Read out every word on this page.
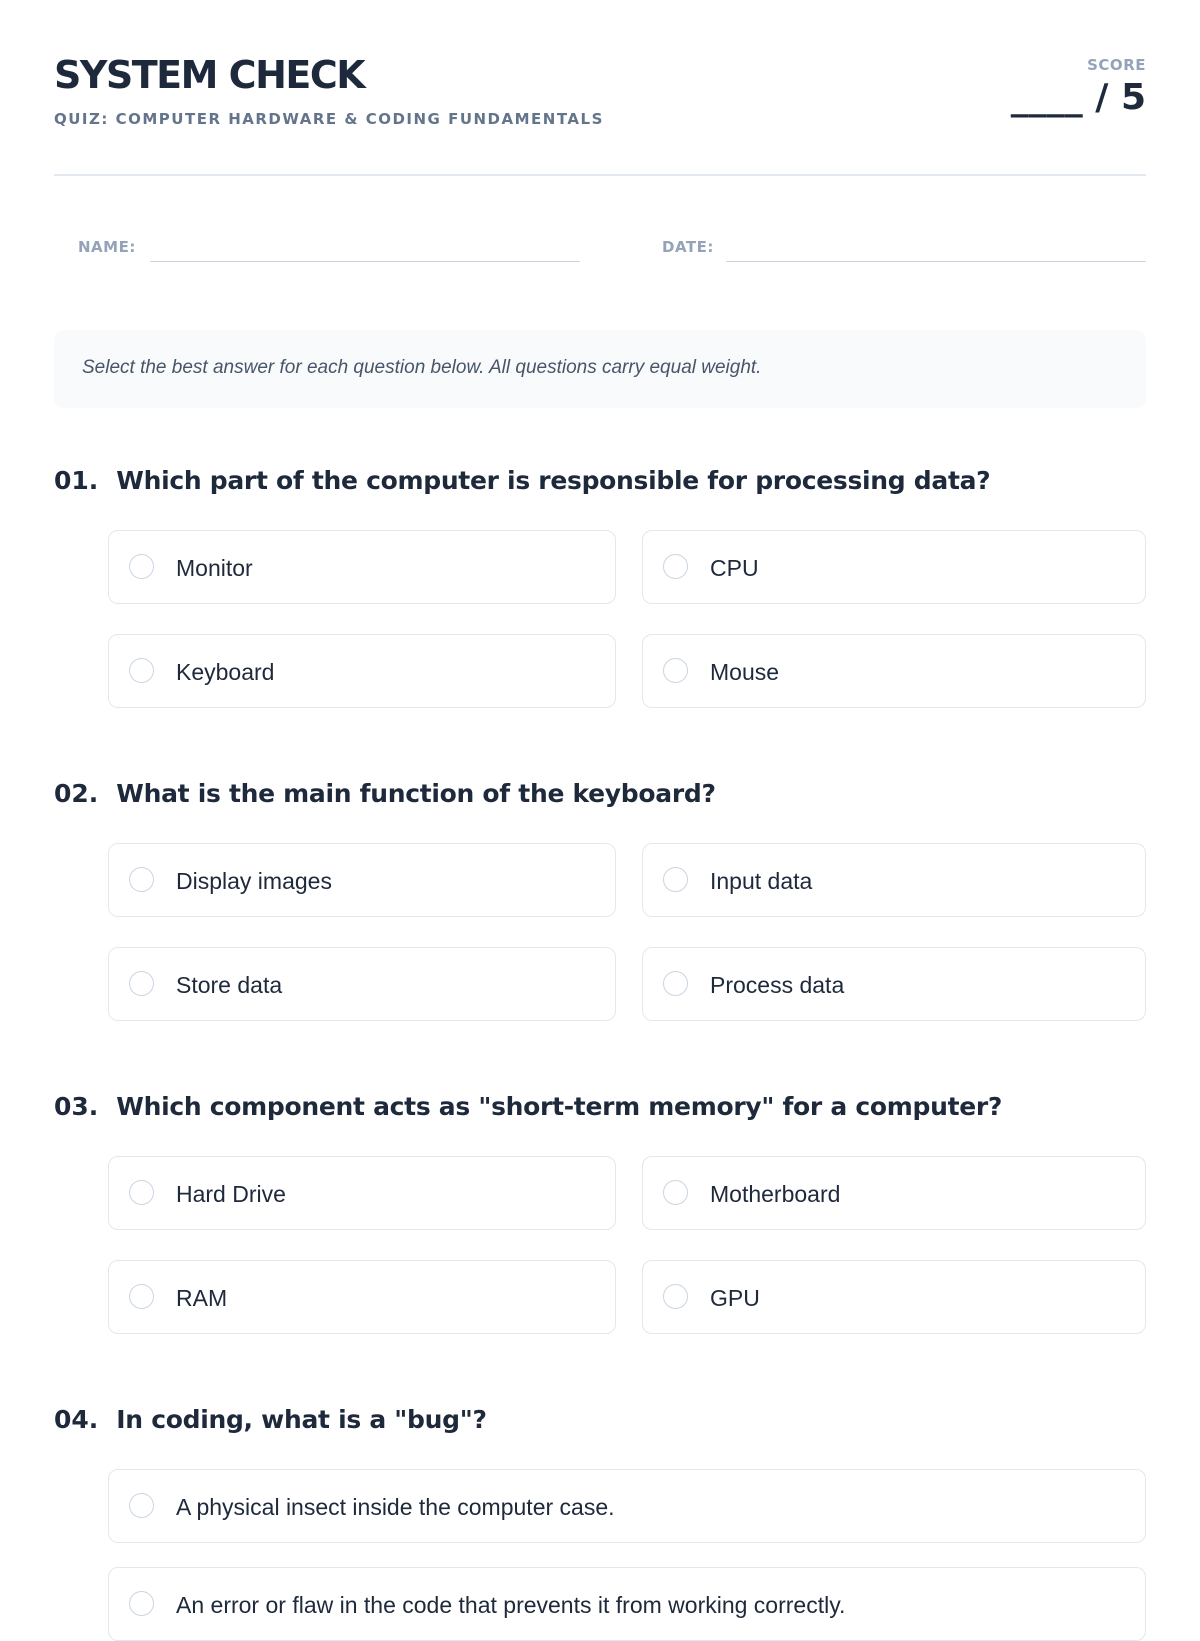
SYSTEM CHECK
QUIZ: COMPUTER HARDWARE & CODING FUNDAMENTALS
SCORE
____ / 5
NAME:	DATE:
Select the best answer for each question below. All questions carry equal weight.
01. Which part of the computer is responsible for processing data?
Monitor	CPU
Keyboard	Mouse
02. What is the main function of the keyboard?
Display images	Input data
Store data	Process data
03. Which component acts as "short-term memory" for a computer?
Hard Drive	Motherboard
RAM	GPU
04. In coding, what is a "bug"?
A physical insect inside the computer case.
An error or flaw in the code that prevents it from working correctly.
